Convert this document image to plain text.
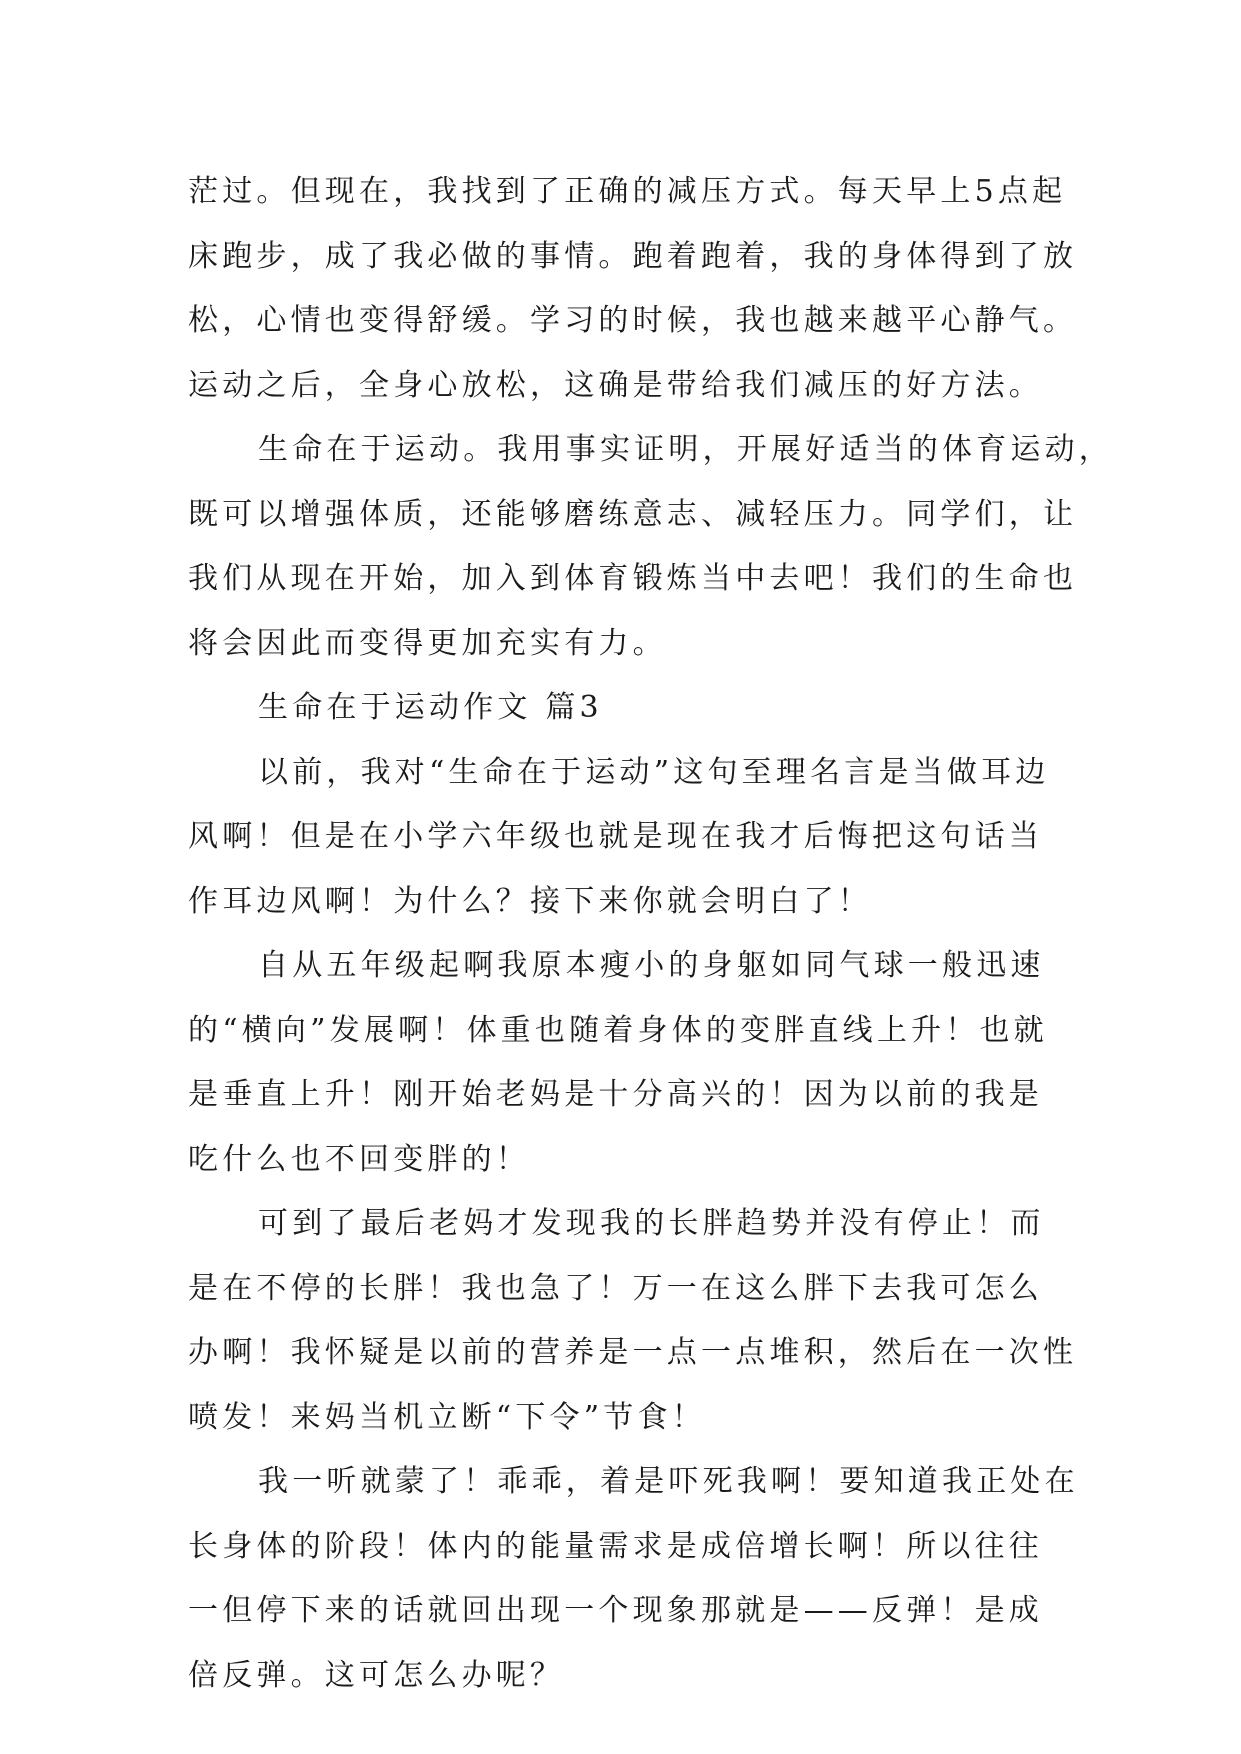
茫过。但现在，我找到了正确的减压方式。每天早上5点起
床跑步，成了我必做的事情。跑着跑着，我的身体得到了放
松，心情也变得舒缓。学习的时候，我也越来越平心静气。
运动之后，全身心放松，这确是带给我们减压的好方法。
生命在于运动。我用事实证明，开展好适当的体育运动，
既可以增强体质，还能够磨练意志、减轻压力。同学们，让
我们从现在开始，加入到体育锻炼当中去吧！我们的生命也
将会因此而变得更加充实有力。
生命在于运动作文 篇3
以前，我对“生命在于运动”这句至理名言是当做耳边
风啊！但是在小学六年级也就是现在我才后悔把这句话当
作耳边风啊！为什么？接下来你就会明白了！
自从五年级起啊我原本瘦小的身躯如同气球一般迅速
的“横向”发展啊！体重也随着身体的变胖直线上升！也就
是垂直上升！刚开始老妈是十分高兴的！因为以前的我是
吃什么也不回变胖的！
可到了最后老妈才发现我的长胖趋势并没有停止！而
是在不停的长胖！我也急了！万一在这么胖下去我可怎么
办啊！我怀疑是以前的营养是一点一点堆积，然后在一次性
喷发！来妈当机立断“下令”节食！
我一听就蒙了！乖乖，着是吓死我啊！要知道我正处在
长身体的阶段！体内的能量需求是成倍增长啊！所以往往
一但停下来的话就回出现一个现象那就是——反弹！是成
倍反弹。这可怎么办呢？
